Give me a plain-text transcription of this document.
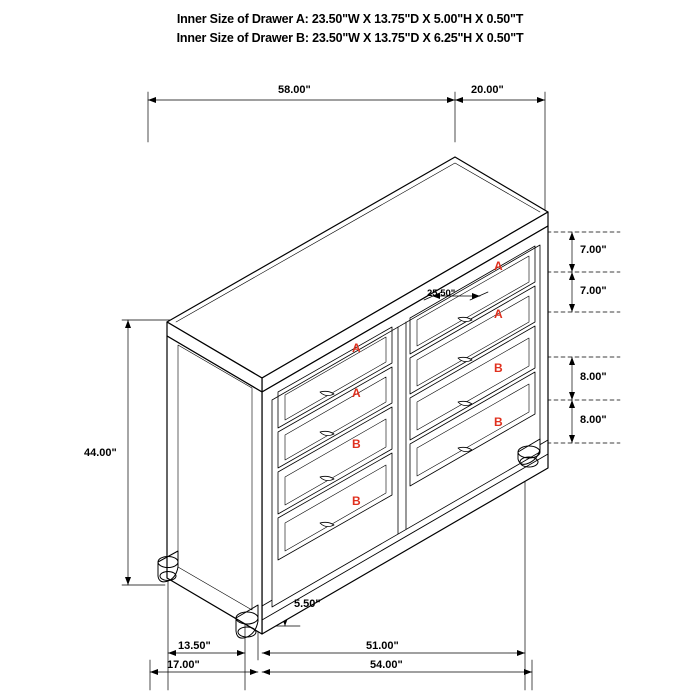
Inner Size of Drawer A: 23.50"W X 13.75"D X 5.00"H X 0.50"T
Inner Size of Drawer B: 23.50"W X 13.75"D X 6.25"H X 0.50"T
58.00"	20.00"
7.00"
7.00"
8.00"
8.00"
44.00"
5.50"
13.50"
17.00"
51.00"
54.00"
25.50"
A
A
B
B
A
A
B
B
